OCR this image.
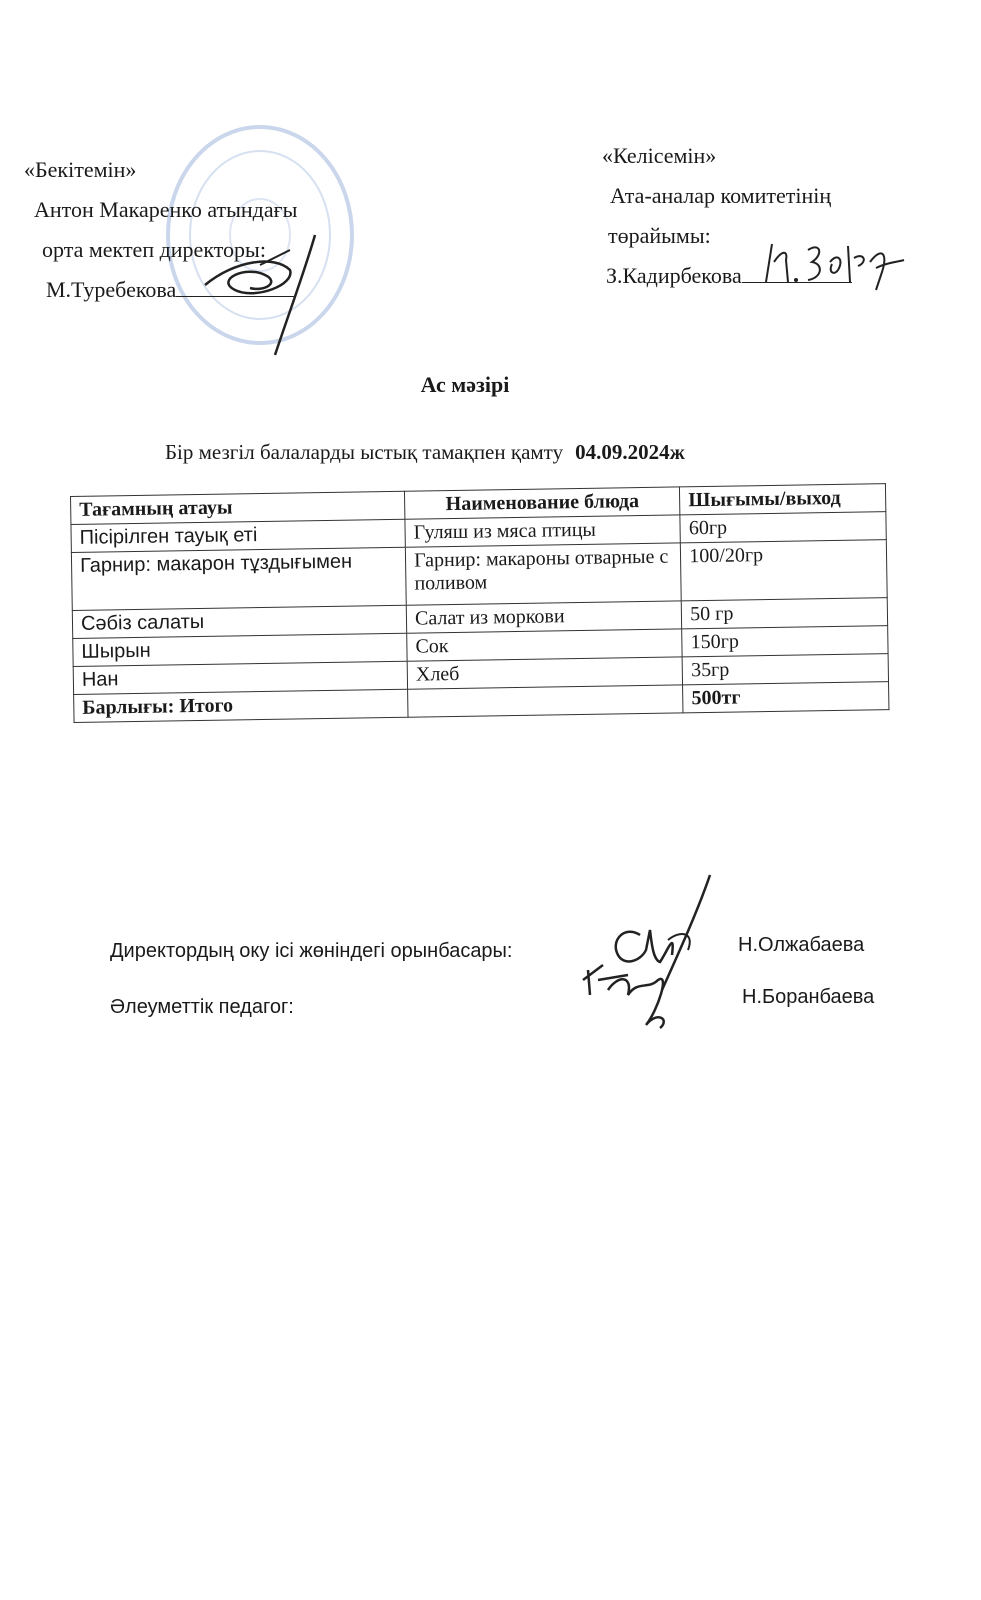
«Бекітемін»
Антон Макаренко атындағы
орта мектеп директоры:
М.Туребекова
«Келісемін»
Ата-аналар комитетінің
төрайымы:
З.Кадирбекова
Ас мәзірі
Бір мезгіл балаларды ыстық тамақпен қамту 04.09.2024ж
Тағамның атауы	Наименование блюда	Шығымы/выход
Пісірілген тауық еті	Гуляш из мяса птицы	60гр
Гарнир: макарон тұздығымен	Гарнир: макароны отварные с поливом	100/20гр
Сәбіз салаты	Салат из моркови	50 гр
Шырын	Сок	150гр
Нан	Хлеб	35гр
Барлығы: Итого		500тг
Директордың оку ісі жөніндегі орынбасары:	Н.Олжабаева
Әлеуметтік педагог:	Н.Боранбаева
